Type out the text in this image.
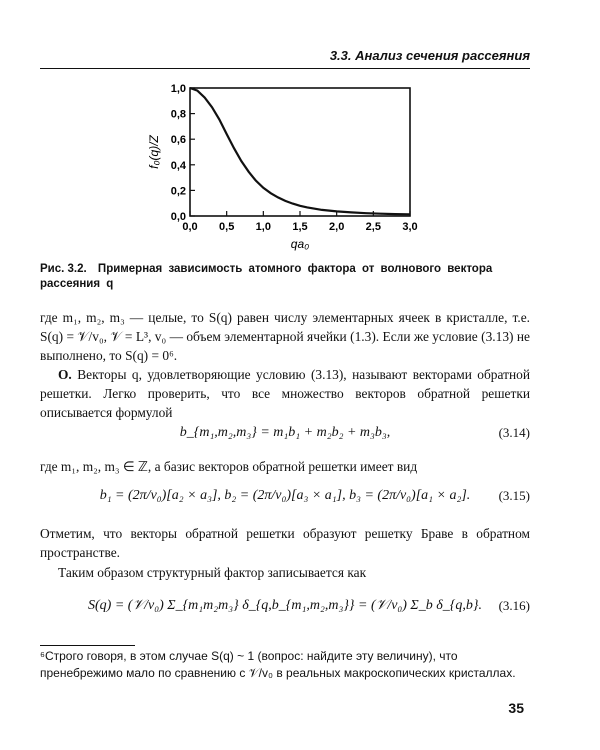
3.3. Анализ сечения рассеяния
0,0 0,5 1,0 1,5 2,0 2,5 3,0
0,0
0,2
0,4
0,6
0,8
1,0
qa₀
f₀(q)/Z
Рис. 3.2. Примерная зависимость атомного фактора от волнового вектора рассеяния q
где m₁, m₂, m₃ — целые, то S(q) равен числу элементарных ячеек в кристалле, т.е. S(q) = 𝒱/v₀, 𝒱 = L³, v₀ — объем элементарной ячейки (1.3). Если же условие (3.13) не выполнено, то S(q) = 0⁶.
О. Векторы q, удовлетворяющие условию (3.13), называют векторами обратной решетки. Легко проверить, что все множество векторов обратной решетки описывается формулой
b_{m₁,m₂,m₃} = m₁b₁ + m₂b₂ + m₃b₃,	(3.14)
где m₁, m₂, m₃ ∈ ℤ, а базис векторов обратной решетки имеет вид
b₁ = (2π/v₀)[a₂ × a₃], b₂ = (2π/v₀)[a₃ × a₁], b₃ = (2π/v₀)[a₁ × a₂].	(3.15)
Отметим, что векторы обратной решетки образуют решетку Браве в обратном пространстве.
Таким образом структурный фактор записывается как
S(q) = (𝒱/v₀) Σ_{m₁m₂m₃} δ_{q,b_{m₁,m₂,m₃}} = (𝒱/v₀) Σ_b δ_{q,b}.	(3.16)
⁶Строго говоря, в этом случае S(q) ~ 1 (вопрос: найдите эту величину), что пренебрежимо мало по сравнению с 𝒱/v₀ в реальных макроскопических кристаллах.
35
